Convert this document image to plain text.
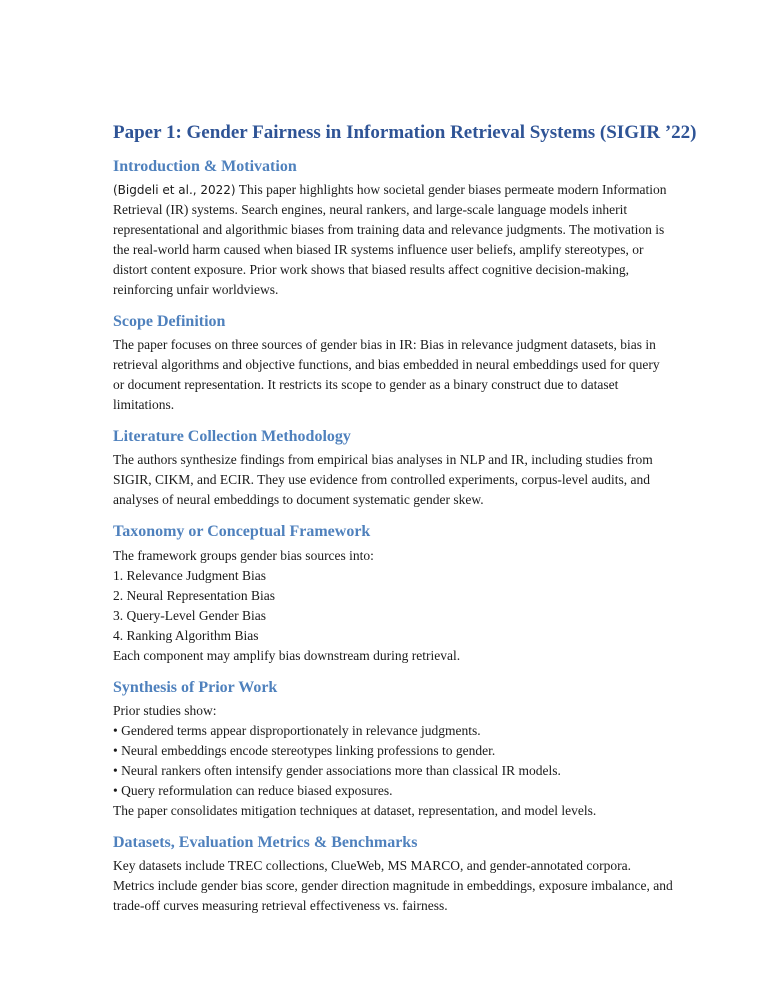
Paper 1: Gender Fairness in Information Retrieval Systems (SIGIR ’22)
Introduction & Motivation

(Bigdeli et al., 2022) This paper highlights how societal gender biases permeate modern Information Retrieval (IR) systems. Search engines, neural rankers, and large-scale language models inherit representational and algorithmic biases from training data and relevance judgments. The motivation is the real-world harm caused when biased IR systems influence user beliefs, amplify stereotypes, or distort content exposure. Prior work shows that biased results affect cognitive decision-making, reinforcing unfair worldviews.

Scope Definition

The paper focuses on three sources of gender bias in IR: Bias in relevance judgment datasets, bias in retrieval algorithms and objective functions, and bias embedded in neural embeddings used for query or document representation. It restricts its scope to gender as a binary construct due to dataset limitations.

Literature Collection Methodology

The authors synthesize findings from empirical bias analyses in NLP and IR, including studies from SIGIR, CIKM, and ECIR. They use evidence from controlled experiments, corpus-level audits, and analyses of neural embeddings to document systematic gender skew.

Taxonomy or Conceptual Framework

The framework groups gender bias sources into:

1. Relevance Judgment Bias

2. Neural Representation Bias

3. Query-Level Gender Bias

4. Ranking Algorithm Bias

Each component may amplify bias downstream during retrieval.

Synthesis of Prior Work

Prior studies show:

• Gendered terms appear disproportionately in relevance judgments.

• Neural embeddings encode stereotypes linking professions to gender.

• Neural rankers often intensify gender associations more than classical IR models.

• Query reformulation can reduce biased exposures.

The paper consolidates mitigation techniques at dataset, representation, and model levels.

Datasets, Evaluation Metrics & Benchmarks

Key datasets include TREC collections, ClueWeb, MS MARCO, and gender-annotated corpora. Metrics include gender bias score, gender direction magnitude in embeddings, exposure imbalance, and trade-off curves measuring retrieval effectiveness vs. fairness.
